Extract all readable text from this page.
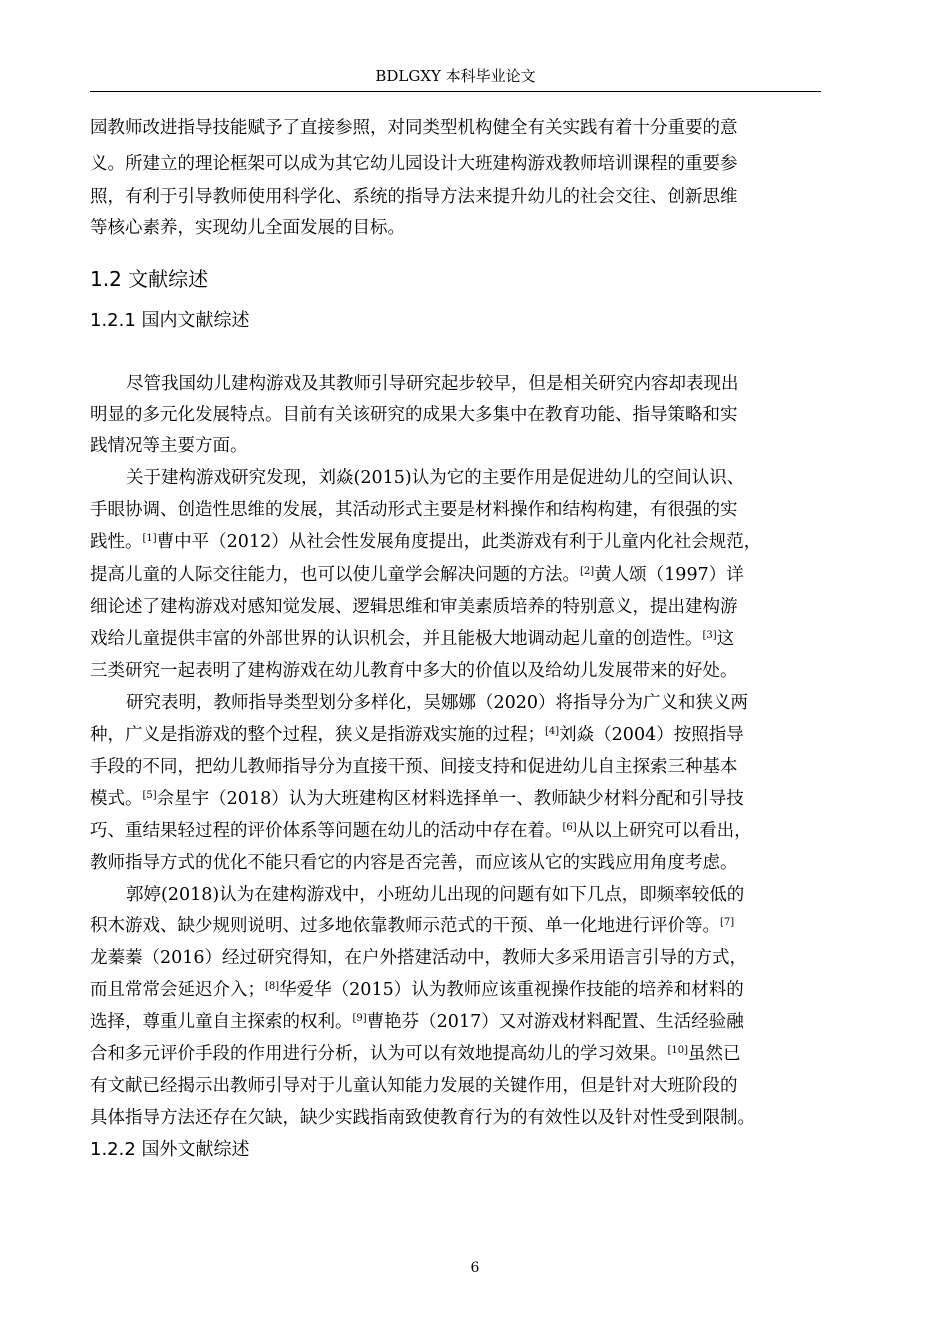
BDLGXY 本科毕业论文
园教师改进指导技能赋予了直接参照，对同类型机构健全有关实践有着十分重要的意
义。所建立的理论框架可以成为其它幼儿园设计大班建构游戏教师培训课程的重要参
照，有利于引导教师使用科学化、系统的指导方法来提升幼儿的社会交往、创新思维
等核心素养，实现幼儿全面发展的目标。
1.2 文献综述
1.2.1 国内文献综述
尽管我国幼儿建构游戏及其教师引导研究起步较早，但是相关研究内容却表现出
明显的多元化发展特点。目前有关该研究的成果大多集中在教育功能、指导策略和实
践情况等主要方面。
关于建构游戏研究发现，刘焱(2015)认为它的主要作用是促进幼儿的空间认识、
手眼协调、创造性思维的发展，其活动形式主要是材料操作和结构构建，有很强的实
践性。[1]曹中平（2012）从社会性发展角度提出，此类游戏有利于儿童内化社会规范，
提高儿童的人际交往能力，也可以使儿童学会解决问题的方法。[2]黄人颂（1997）详
细论述了建构游戏对感知觉发展、逻辑思维和审美素质培养的特别意义，提出建构游
戏给儿童提供丰富的外部世界的认识机会，并且能极大地调动起儿童的创造性。[3]这
三类研究一起表明了建构游戏在幼儿教育中多大的价值以及给幼儿发展带来的好处。
研究表明，教师指导类型划分多样化，吴娜娜（2020）将指导分为广义和狭义两
种，广义是指游戏的整个过程，狭义是指游戏实施的过程；[4]刘焱（2004）按照指导
手段的不同，把幼儿教师指导分为直接干预、间接支持和促进幼儿自主探索三种基本
模式。[5]佘星宇（2018）认为大班建构区材料选择单一、教师缺少材料分配和引导技
巧、重结果轻过程的评价体系等问题在幼儿的活动中存在着。[6]从以上研究可以看出，
教师指导方式的优化不能只看它的内容是否完善，而应该从它的实践应用角度考虑。
郭婷(2018)认为在建构游戏中，小班幼儿出现的问题有如下几点，即频率较低的
积木游戏、缺少规则说明、过多地依靠教师示范式的干预、单一化地进行评价等。[7]
龙蓁蓁（2016）经过研究得知，在户外搭建活动中，教师大多采用语言引导的方式，
而且常常会延迟介入；[8]华爱华（2015）认为教师应该重视操作技能的培养和材料的
选择，尊重儿童自主探索的权利。[9]曹艳芬（2017）又对游戏材料配置、生活经验融
合和多元评价手段的作用进行分析，认为可以有效地提高幼儿的学习效果。[10]虽然已
有文献已经揭示出教师引导对于儿童认知能力发展的关键作用，但是针对大班阶段的
具体指导方法还存在欠缺，缺少实践指南致使教育行为的有效性以及针对性受到限制。
1.2.2 国外文献综述
6
